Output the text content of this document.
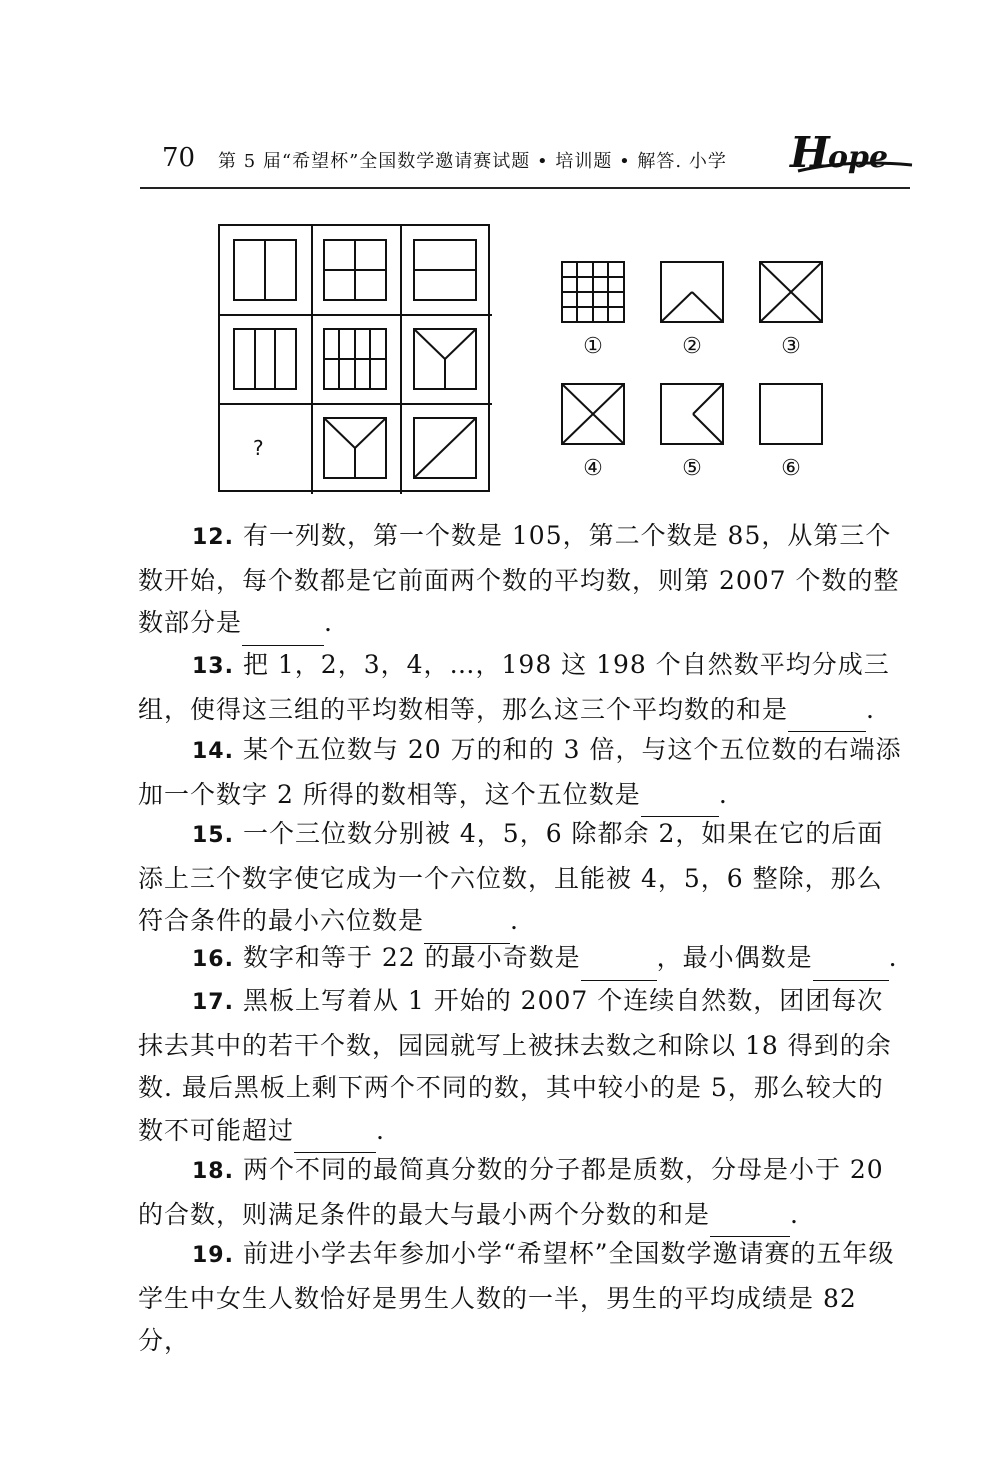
70 第 5 届“希望杯”全国数学邀请赛试题 • 培训题 • 解答. 小学 H
ope
?
①	②	③
④	⑤	⑥
12. 有一列数，第一个数是 105，第二个数是 85，从第三个数开始，每个数都是它前面两个数的平均数，则第 2007 个数的整数部分是	.
13. 把 1，2，3，4，…，198 这 198 个自然数平均分成三组，使得这三组的平均数相等，那么这三个平均数的和是	.
14. 某个五位数与 20 万的和的 3 倍，与这个五位数的右端添加一个数字 2 所得的数相等，这个五位数是	.
15. 一个三位数分别被 4，5，6 除都余 2，如果在它的后面添上三个数字使它成为一个六位数，且能被 4，5，6 整除，那么符合条件的最小六位数是	.
16. 数字和等于 22 的最小奇数是	，最小偶数是	.
17. 黑板上写着从 1 开始的 2007 个连续自然数，团团每次抹去其中的若干个数，园园就写上被抹去数之和除以 18 得到的余数. 最后黑板上剩下两个不同的数，其中较小的是 5，那么较大的数不可能超过	.
18. 两个不同的最简真分数的分子都是质数，分母是小于 20 的合数，则满足条件的最大与最小两个分数的和是	.
19. 前进小学去年参加小学“希望杯”全国数学邀请赛的五年级学生中女生人数恰好是男生人数的一半，男生的平均成绩是 82 分，
